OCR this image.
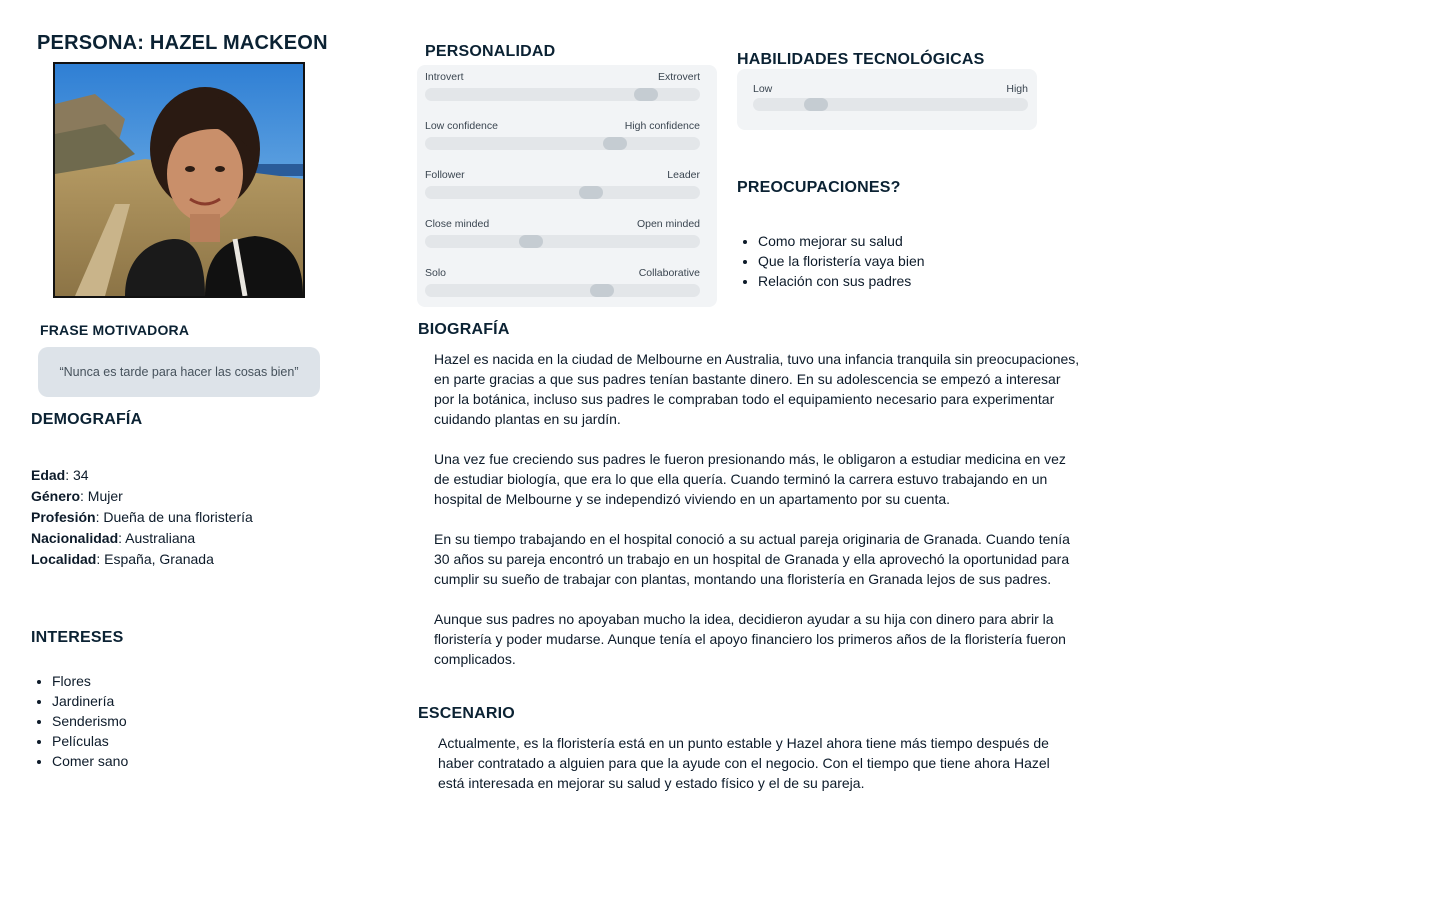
PERSONA: HAZEL MACKEON
FRASE MOTIVADORA
“Nunca es tarde para hacer las cosas bien”
DEMOGRAFÍA
Edad: 34
Género: Mujer
Profesión: Dueña de una floristería
Nacionalidad: Australiana
Localidad: España, Granada
INTERESES
• Flores
• Jardinería
• Senderismo
• Películas
• Comer sano
PERSONALIDAD
Introvert	Extrovert
Low confidence	High confidence
Follower	Leader
Close minded	Open minded
Solo	Collaborative
HABILIDADES TECNOLÓGICAS
Low	High
PREOCUPACIONES?
• Como mejorar su salud
• Que la floristería vaya bien
• Relación con sus padres
BIOGRAFÍA

Hazel es nacida en la ciudad de Melbourne en Australia, tuvo una infancia tranquila sin preocupaciones, en parte gracias a que sus padres tenían bastante dinero. En su adolescencia se empezó a interesar por la botánica, incluso sus padres le compraban todo el equipamiento necesario para experimentar cuidando plantas en su jardín.

Una vez fue creciendo sus padres le fueron presionando más, le obligaron a estudiar medicina en vez de estudiar biología, que era lo que ella quería. Cuando terminó la carrera estuvo trabajando en un hospital de Melbourne y se independizó viviendo en un apartamento por su cuenta.

En su tiempo trabajando en el hospital conoció a su actual pareja originaria de Granada. Cuando tenía 30 años su pareja encontró un trabajo en un hospital de Granada y ella aprovechó la oportunidad para cumplir su sueño de trabajar con plantas, montando una floristería en Granada lejos de sus padres.

Aunque sus padres no apoyaban mucho la idea, decidieron ayudar a su hija con dinero para abrir la floristería y poder mudarse. Aunque tenía el apoyo financiero los primeros años de la floristería fueron complicados.

ESCENARIO

Actualmente, es la floristería está en un punto estable y Hazel ahora tiene más tiempo después de haber contratado a alguien para que la ayude con el negocio. Con el tiempo que tiene ahora Hazel está interesada en mejorar su salud y estado físico y el de su pareja.
